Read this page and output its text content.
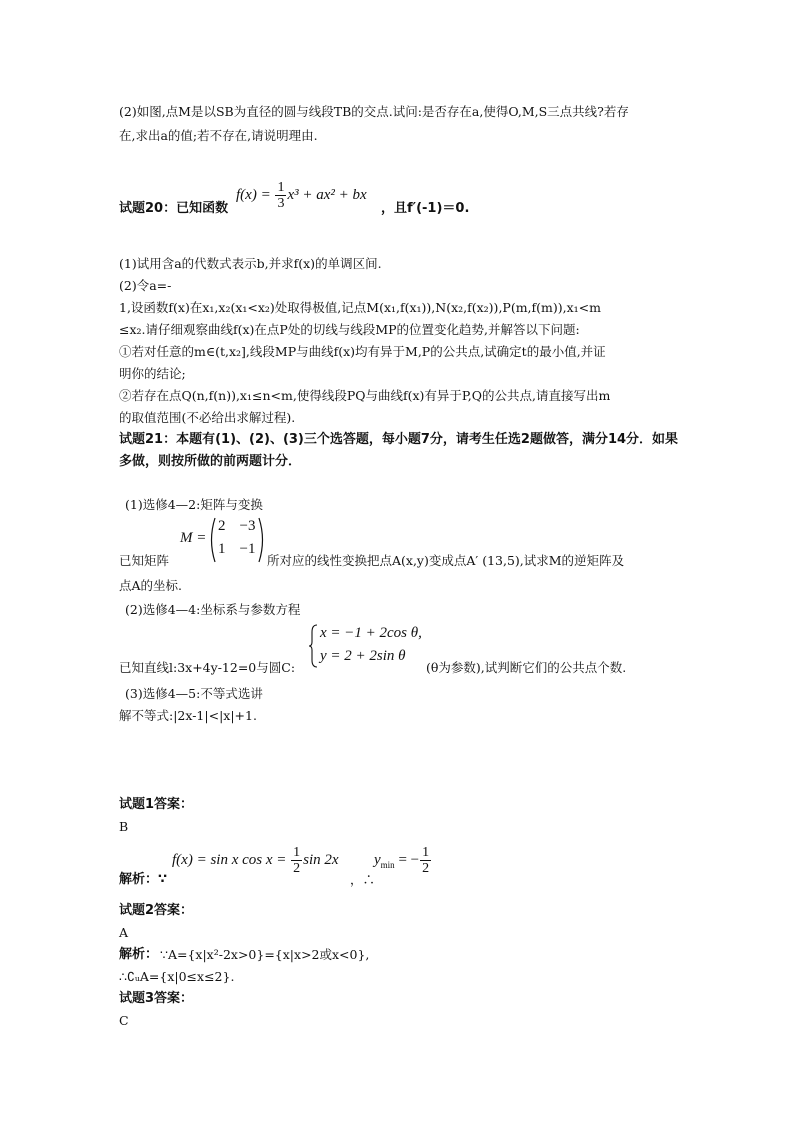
(2)如图,点M是以SB为直径的圆与线段TB的交点.试问:是否存在a,使得O,M,S三点共线?若存
在,求出a的值;若不存在,请说明理由.
$f(x) = \frac{1}{3} x^3 + ax^2$ + bx
试题20：已知函数	，且f′(-1)＝0.
(1)试用含a的代数式表示b,并求f(x)的单调区间.
(2)令a=-
1,设函数f(x)在x₁,x₂(x₁<x₂)处取得极值,记点M(x₁,f(x₁)),N(x₂,f(x₂)),P(m,f(m)),x₁<m
≤x₂.请仔细观察曲线f(x)在点P处的切线与线段MP的位置变化趋势,并解答以下问题:
①若对任意的m∈(t,x₂],线段MP与曲线f(x)均有异于M,P的公共点,试确定t的最小值,并证
明你的结论;
②若存在点Q(n,f(n)),x₁≤n<m,使得线段PQ与曲线f(x)有异于P,Q的公共点,请直接写出m
的取值范围(不必给出求解过程).
试题21：本题有(1)、(2)、(3)三个选答题，每小题7分，请考生任选2题做答，满分14分．如果
多做，则按所做的前两题计分．
(1)选修4—2:矩阵与变换
M =
2 −3
1 −1
已知矩阵	所对应的线性变换把点A(x,y)变成点A′ (13,5),试求M的逆矩阵及
点A的坐标.
(2)选修4—4:坐标系与参数方程
x = −1 + 2cos θ,
y = 2 + 2sin θ
已知直线l:3x+4y-12=0与圆C:	(θ为参数),试判断它们的公共点个数.
(3)选修4—5:不等式选讲
解不等式:|2x-1|<|x|+1.
试题1答案：
B
f(x) = sin x $\cos x = \frac{1}{2}$ sin 2x $y_{min}$ = − $\frac{1}{2}$
解析：∵	，∴
试题2答案：
A
解析： ∵A={x|x²-2x>0}={x|x>2或x<0},
∴∁ᵤA={x|0≤x≤2}.
试题3答案：
C
